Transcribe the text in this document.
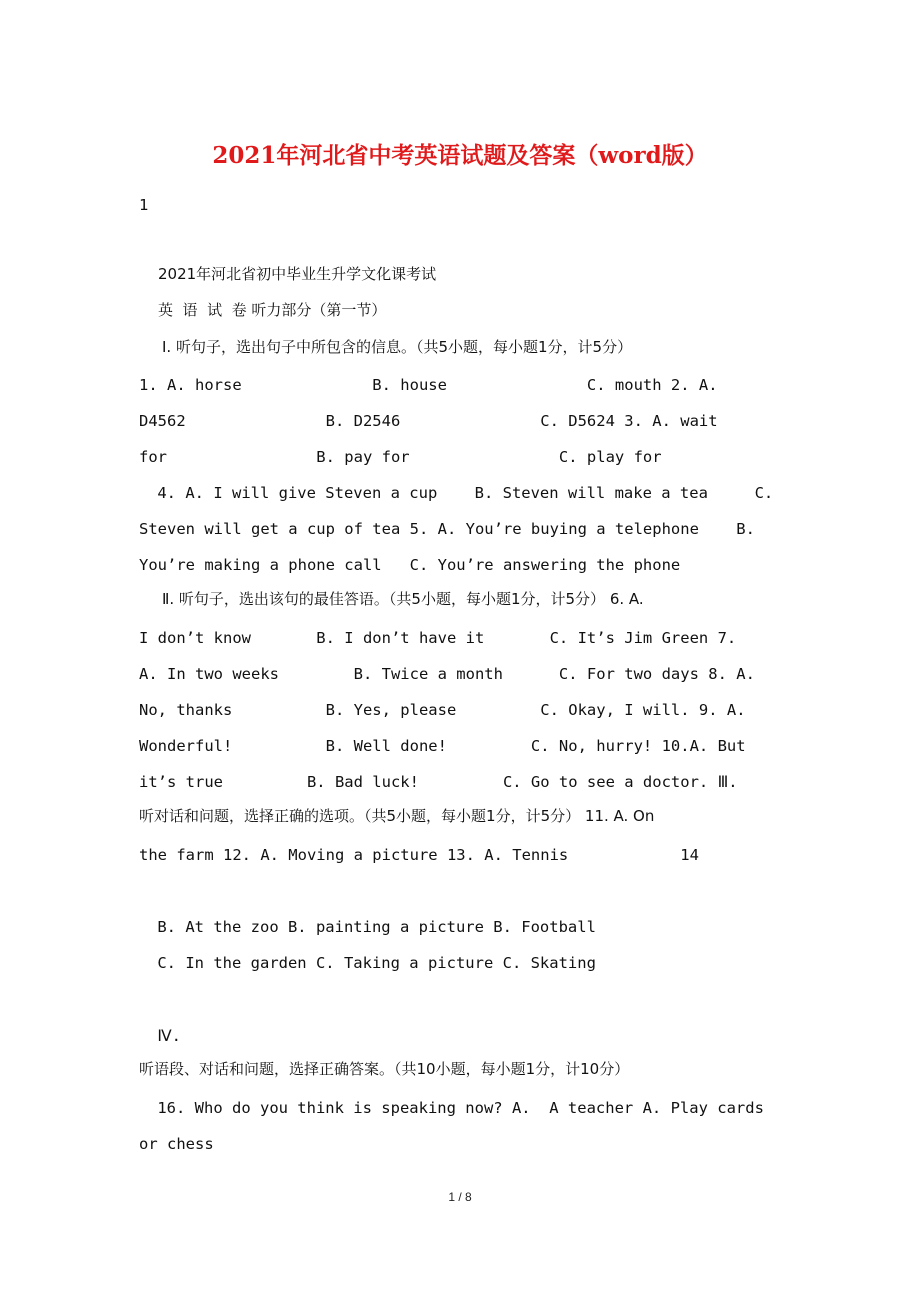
2021年河北省中考英语试题及答案（word版）

1

2021年河北省初中毕业生升学文化课考试

英  语  试  卷 听力部分（第一节）

Ⅰ. 听句子，选出句子中所包含的信息。（共5小题，每小题1分，计5分）

1. A. horse              B. house               C. mouth 2. A.

D4562               B. D2546               C. D5624 3. A. wait

for                B. pay for                C. play for

4. A. I will give Steven a cup    B. Steven will make a tea     C.

Steven will get a cup of tea 5. A. You’re buying a telephone    B.

You’re making a phone call   C. You’re answering the phone

Ⅱ. 听句子，选出该句的最佳答语。（共5小题，每小题1分，计5分） 6. A.

I don’t know       B. I don’t have it       C. It’s Jim Green 7.

A. In two weeks        B. Twice a month      C. For two days 8. A.

No, thanks          B. Yes, please         C. Okay, I will. 9. A.

Wonderful!          B. Well done!         C. No, hurry! 10.A. But

it’s true         B. Bad luck!         C. Go to see a doctor. Ⅲ.

听对话和问题，选择正确的选项。（共5小题，每小题1分，计5分） 11. A. On

the farm 12. A. Moving a picture 13. A. Tennis            14

B. At the zoo B. painting a picture B. Football

C. In the garden C. Taking a picture C. Skating

Ⅳ.

听语段、对话和问题，选择正确答案。（共10小题，每小题1分，计10分）

16. Who do you think is speaking now? A.  A teacher A. Play cards

or chess

1 / 8
